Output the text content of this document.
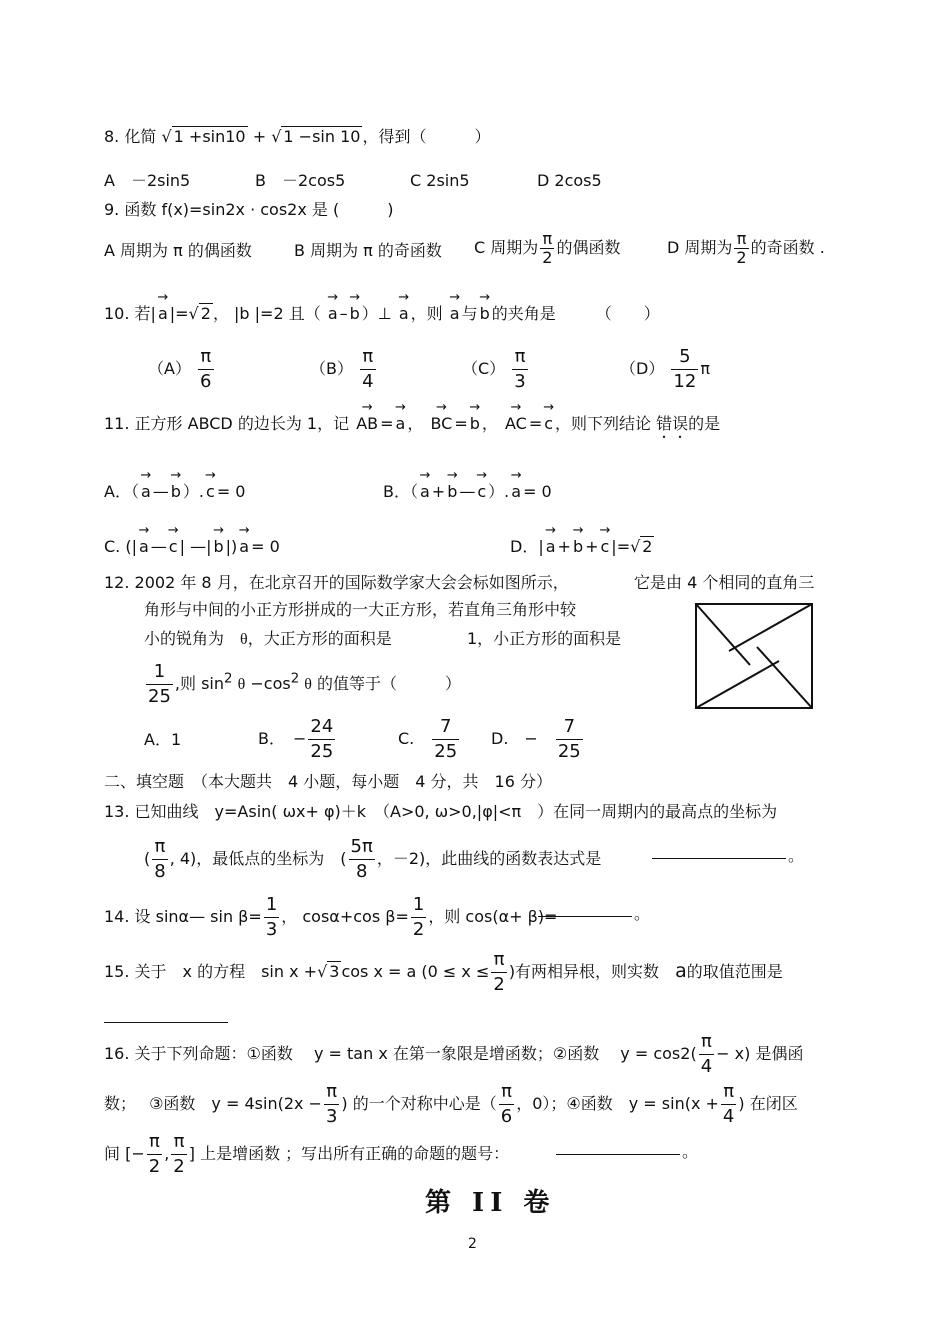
8. 化简 √ 1 +sin10 + √ 1 −sin 10 ，得到（　　　）
A　－2sin5	B　－2cos5	C 2sin5	D 2cos5
9. 函数 f(x)=sin2x · cos2x 是 (　　　)
A 周期为 π 的偶函数	B 周期为 π 的奇函数 C 周期为 $\frac{\pi}{2}$ 的偶函数	D 周期为 $\frac{\pi}{2}$ 的奇函数 .
10. 若| → a |=√ 2 ， |b |=2 且（ → a – → b ）⊥ → a ，则 → a 与 → b 的夹角是　　　（　　）
$(A) \frac{\pi}{6}$	$(B) \frac{\pi}{4}$	$(C) \frac{\pi}{3}$	$(D) \frac{5}{12}$ π
11. 正方形 ABCD 的边长为 1，记 → AB = → a ， → BC = → b ， → AC = → c ，则下列结论 错误的是
A．（ → a — → b ）. → c = 0	B．（ → a + → b — → c ）. → a = 0
C. (| → a — → c | —| → b |) → a = 0	D．| → a + → b + → c |=√ 2
12. 2002 年 8 月，在北京召开的国际数学家大会会标如图所示，	它是由 4 个相同的直角三
角形与中间的小正方形拼成的一大正方形，若直角三角形中较
小的锐角为　 θ，大正方形的面积是	1，小正方形的面积是
$\frac{1}{25}$ ,则 $\sin^2 \theta -\cos^2$ θ 的值等于（　　　）
A．1	B．　 − $\frac{24}{25}$	C.　 $\frac{7}{25} D$.　 −　 $\frac{7}{25}$
二、填空题　（本大题共　4 小题，每小题　4 分，共　16 分）
13. 已知曲线　y=Asin( ωx+ φ)＋k　（A>0, ω>0,|φ|<π　）在同一周期内的最高点的坐标为
( $\frac{\pi}{8}$ , 4)，最低点的坐标为　( $\frac{5\pi}{8}$ ，－2)，此曲线的函数表达式是	。
14. 设 sinα— $\sin \beta= \frac{1}{3}$ ， cosα+cos $\beta= \frac{1}{2}$ ，则 cos(α+ β)=	。
15. 关于　x 的方程　sin x +√ 3 cos x = a ($0 \le x \le \frac{\pi}{2}$ )有两相异根，则实数　 a的取值范围是
16. 关于下列命题：①函数　 y = tan x 在第一象限是增函数；②函数　 $y = \cos 2( \frac{\pi}{4} - x)$ 是偶函
数；　 ③函数　$y = 4\sin(2x - \frac{\pi}{3}$ ) 的一个对称中心是（ $\frac{\pi}{6}$ ，0）；④函数　$y = \sin(x + \frac{\pi}{4}$ ) 在闭区
间 [− $\frac{\pi}{2}$ , $\frac{\pi}{2}$ ] 上是增函数 ；写出所有正确的命题的题号：	。
第 II 卷
2
